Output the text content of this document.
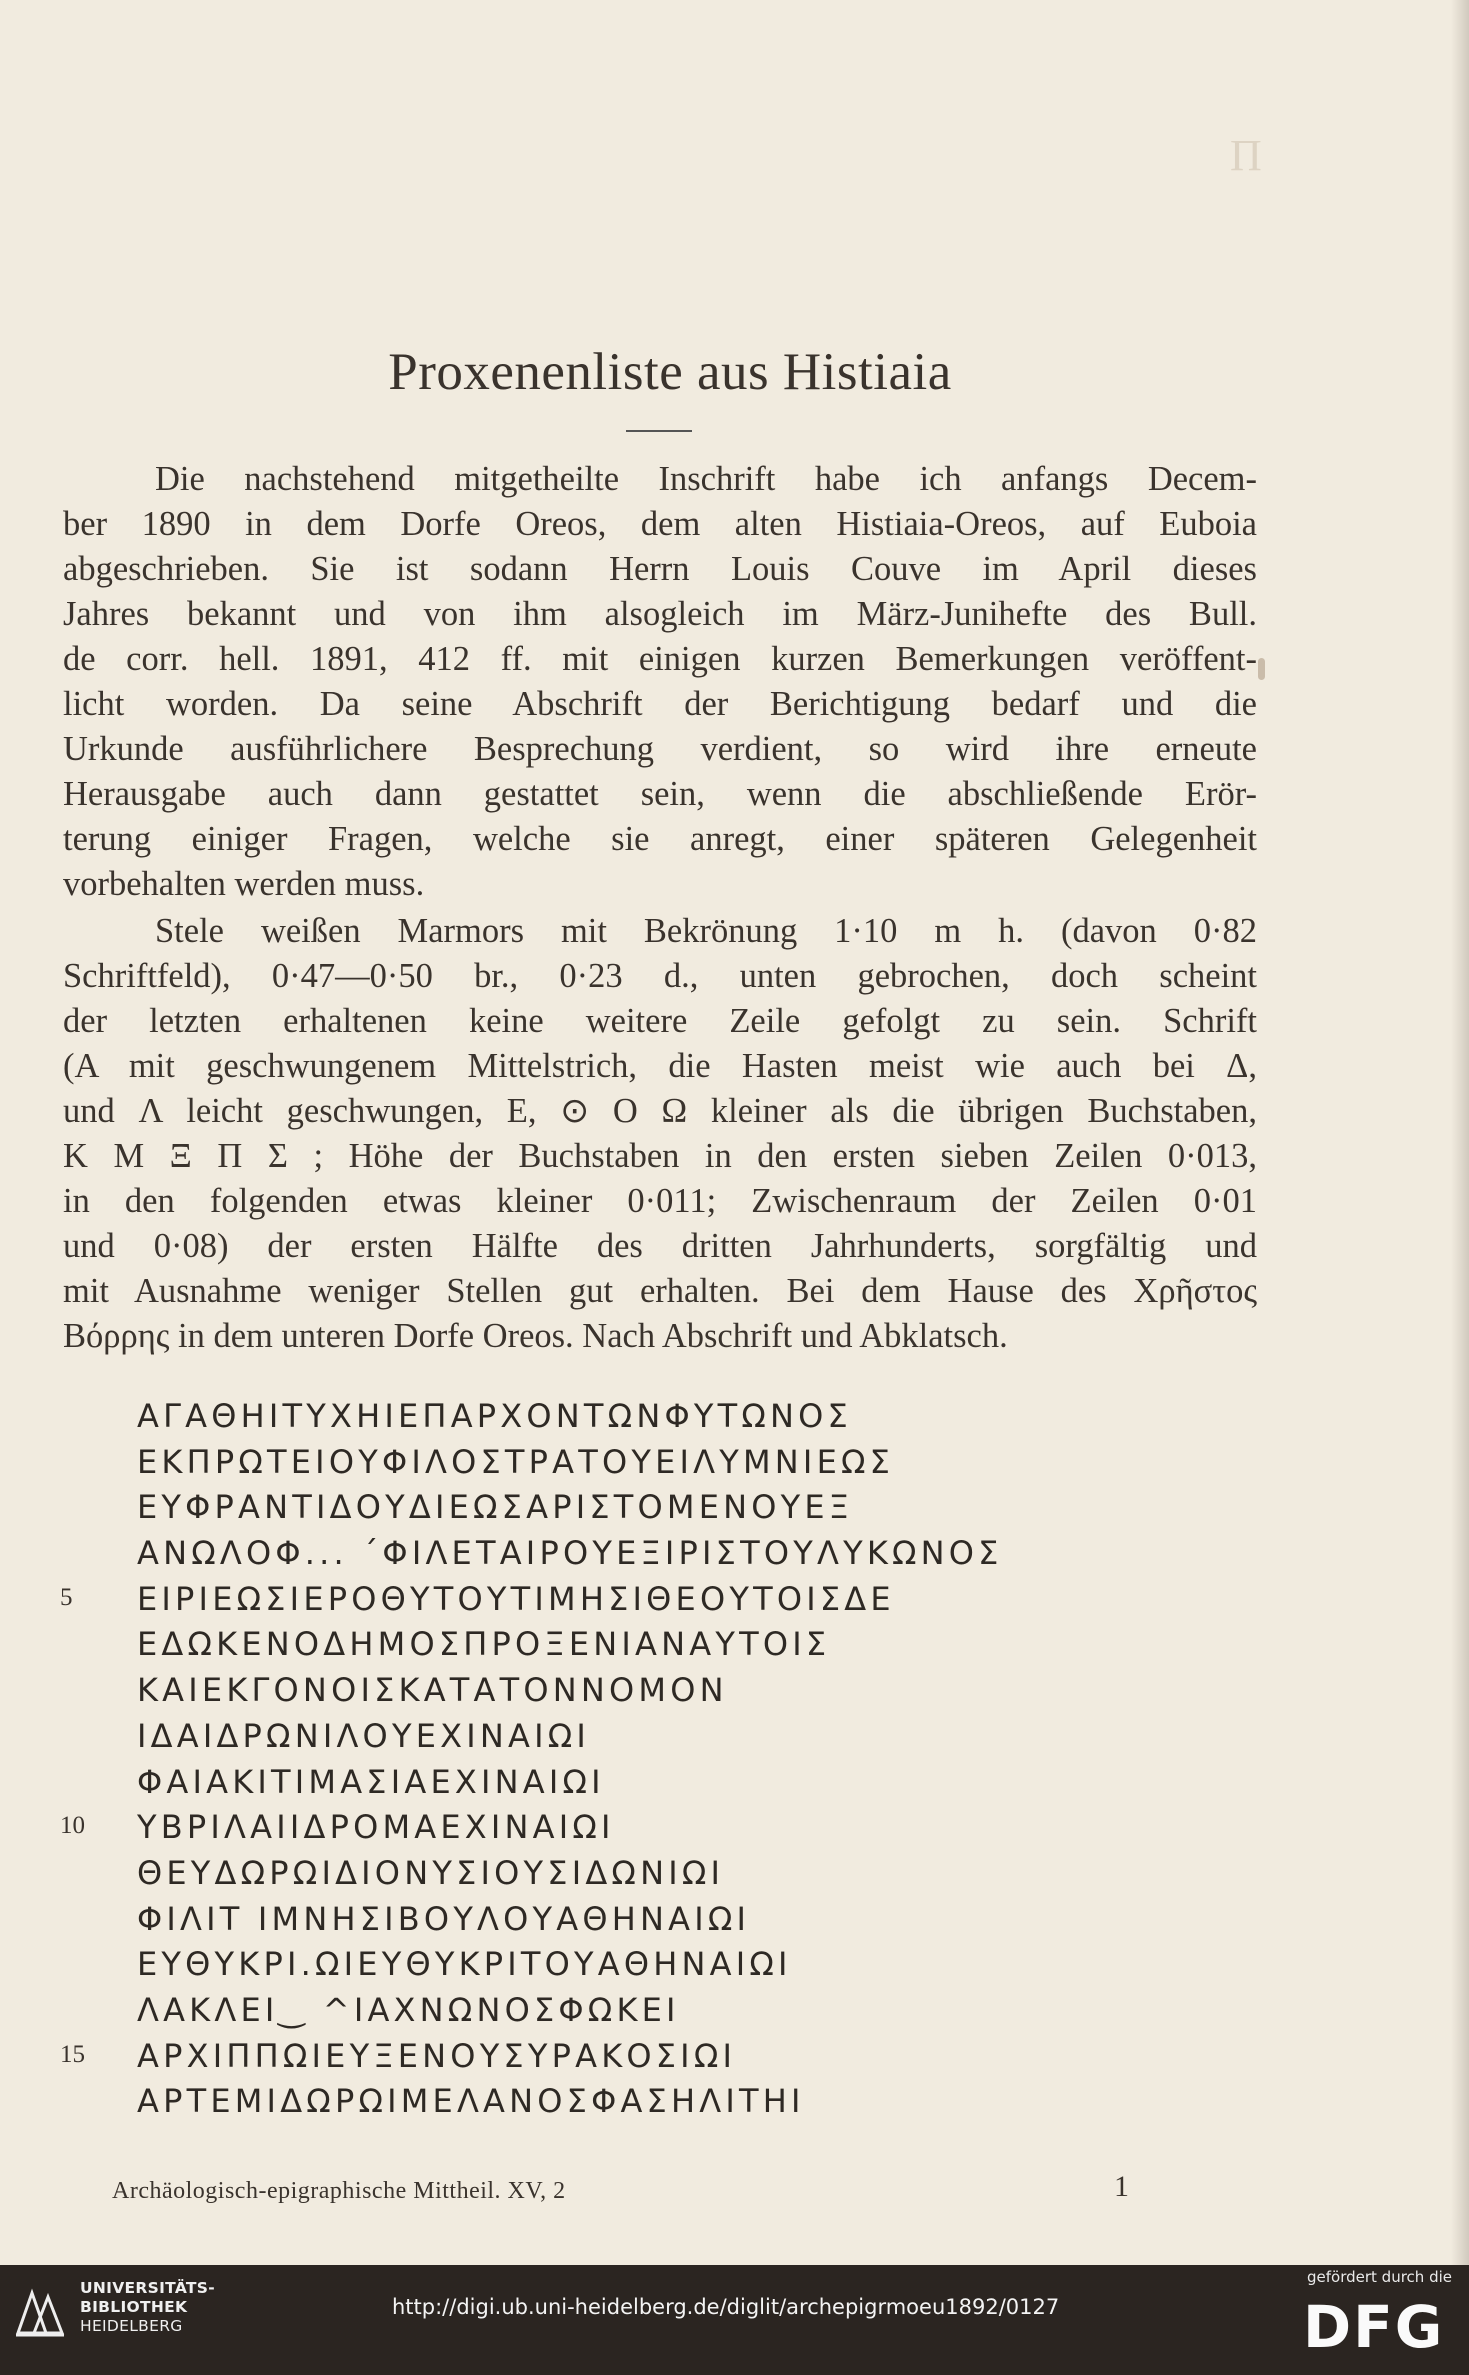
Π
Proxenenliste aus Histiaia
Die nachstehend mitgetheilte Inschrift habe ich anfangs Decem-
ber 1890 in dem Dorfe Oreos, dem alten Histiaia-Oreos, auf Euboia
abgeschrieben. Sie ist sodann Herrn Louis Couve im April dieses
Jahres bekannt und von ihm alsogleich im März-Junihefte des Bull.
de corr. hell. 1891, 412 ff. mit einigen kurzen Bemerkungen veröffent-
licht worden. Da seine Abschrift der Berichtigung bedarf und die
Urkunde ausführlichere Besprechung verdient, so wird ihre erneute
Herausgabe auch dann gestattet sein, wenn die abschließende Erör-
terung einiger Fragen, welche sie anregt, einer späteren Gelegenheit
vorbehalten werden muss.
Stele weißen Marmors mit Bekrönung 1·10 m h. (davon 0·82
Schriftfeld), 0·47—0·50 br., 0·23 d., unten gebrochen, doch scheint
der letzten erhaltenen keine weitere Zeile gefolgt zu sein. Schrift
(A mit geschwungenem Mittelstrich, die Hasten meist wie auch bei Δ,
und Λ leicht geschwungen, Ε, ⊙ Ο Ω kleiner als die übrigen Buchstaben,
Κ Μ Ξ Π Σ ; Höhe der Buchstaben in den ersten sieben Zeilen 0·013,
in den folgenden etwas kleiner 0·011; Zwischenraum der Zeilen 0·01
und 0·08) der ersten Hälfte des dritten Jahrhunderts, sorgfältig und
mit Ausnahme weniger Stellen gut erhalten. Bei dem Hause des Χρῆστος
Βόρρης in dem unteren Dorfe Oreos. Nach Abschrift und Abklatsch.
ΑΓΑΘΗΙΤΥΧΗΙΕΠΑΡΧΟΝΤΩΝΦΥΤΩΝΟΣ
ΕΚΠΡΩΤΕΙΟΥΦΙΛΟΣΤΡΑΤΟΥΕΙΛΥΜΝΙΕΩΣ
ΕΥΦΡΑΝΤΙΔΟΥΔΙΕΩΣΑΡΙΣΤΟΜΕΝΟΥΕΞ
ΑΝΩΛΟΦ... ΄ΦΙΛΕΤΑΙΡΟΥΕΞΙΡΙΣΤΟΥΛΥΚΩΝΟΣ
5	ΕΙΡΙΕΩΣΙΕΡΟΘΥΤΟΥΤΙΜΗΣΙΘΕΟΥΤΟΙΣΔΕ
ΕΔΩΚΕΝΟΔΗΜΟΣΠΡΟΞΕΝΙΑΝΑΥΤΟΙΣ
ΚΑΙΕΚΓΟΝΟΙΣΚΑΤΑΤΟΝΝΟΜΟΝ
ΙΔΑΙΔΡΩΝΙΛΟΥΕΧΙΝΑΙΩΙ
ΦΑΙΑΚΙΤΙΜΑΣΙΑΕΧΙΝΑΙΩΙ
10	ΥΒΡΙΛΑΙΙΔΡΟΜΑΕΧΙΝΑΙΩΙ
ΘΕΥΔΩΡΩΙΔΙΟΝΥΣΙΟΥΣΙΔΩΝΙΩΙ
ΦΙΛΙΤ ΙΜΝΗΣΙΒΟΥΛΟΥΑΘΗΝΑΙΩΙ
ΕΥΘΥΚΡΙ.ΩΙΕΥΘΥΚΡΙΤΟΥΑΘΗΝΑΙΩΙ
ΛΑΚΛΕΙ‿ ^ΙΑΧΝΩΝΟΣΦΩΚΕΙ
15	ΑΡΧΙΠΠΩΙΕΥΞΕΝΟΥΣΥΡΑΚΟΣΙΩΙ
ΑΡΤΕΜΙΔΩΡΩΙΜΕΛΑΝΟΣΦΑΣΗΛΙΤΗΙ
Archäologisch-epigraphische Mittheil. XV, 2	1
UNIVERSITÄTS-
BIBLIOTHEK
HEIDELBERG
http://digi.ub.uni-heidelberg.de/diglit/archepigrmoeu1892/0127
gefördert durch die
DFG
